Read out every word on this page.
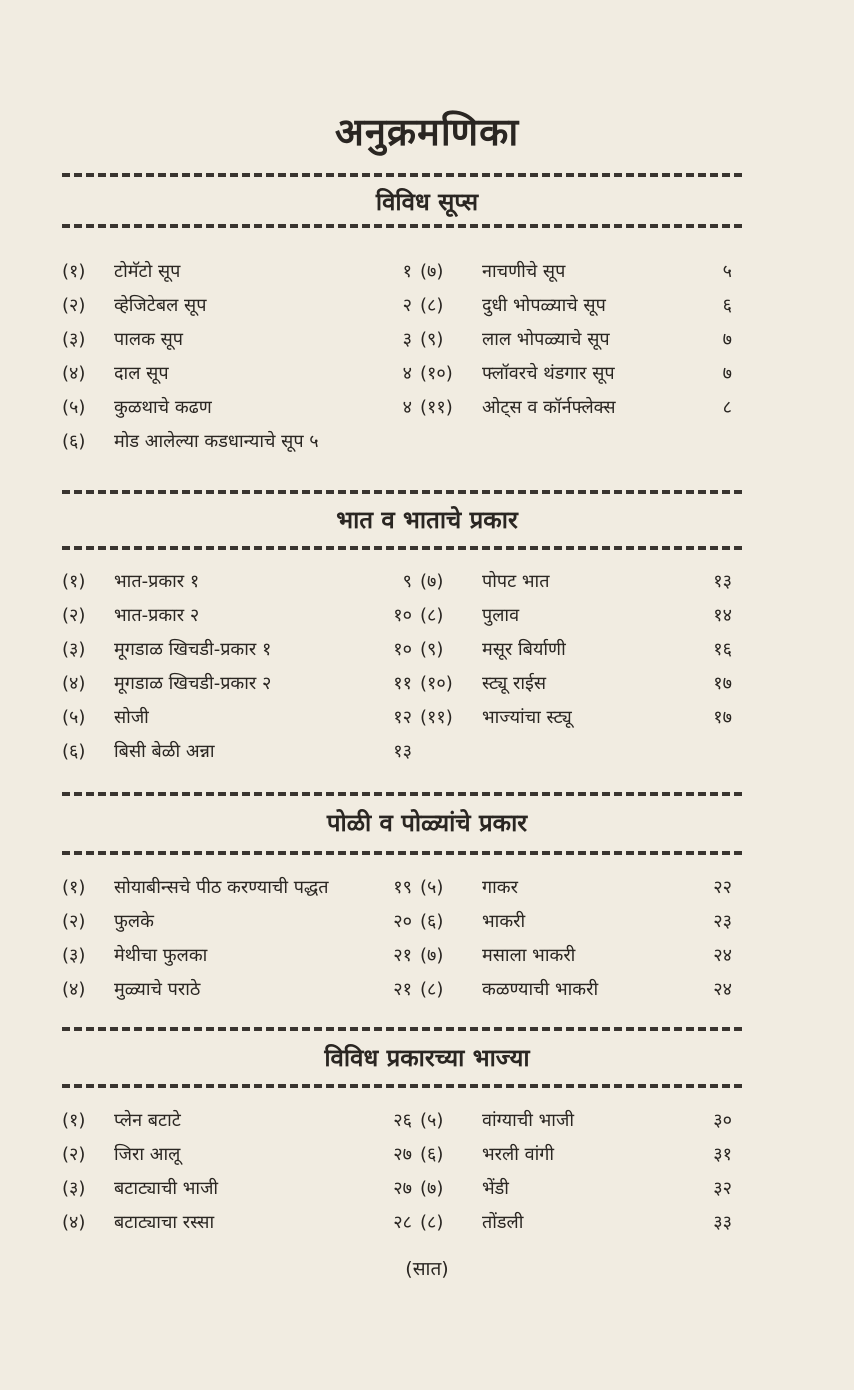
अनुक्रमणिका
विविध सूप्स
(१) टोमॅटो सूप	१ (७) नाचणीचे सूप	५
(२) व्हेजिटेबल सूप	२ (८) दुधी भोपळ्याचे सूप	६
(३) पालक सूप	३ (९) लाल भोपळ्याचे सूप	७
(४) दाल सूप	४ (१०) फ्लॉवरचे थंडगार सूप	७
(५) कुळथाचे कढण	४ (११) ओट्स व कॉर्नफ्लेक्स	८
(६) मोड आलेल्या कडधान्याचे सूप ५
भात व भाताचे प्रकार
(१) भात-प्रकार १	९ (७) पोपट भात	१३
(२) भात-प्रकार २	१० (८) पुलाव	१४
(३) मूगडाळ खिचडी-प्रकार १	१० (९) मसूर बिर्याणी	१६
(४) मूगडाळ खिचडी-प्रकार २	११ (१०) स्ट्यू राईस	१७
(५) सोजी	१२ (११) भाज्यांचा स्ट्यू	१७
(६) बिसी बेळी अन्ना	१३
पोळी व पोळ्यांचे प्रकार
(१) सोयाबीन्सचे पीठ करण्याची पद्धत	१९ (५) गाकर	२२
(२) फुलके	२० (६) भाकरी	२३
(३) मेथीचा फुलका	२१ (७) मसाला भाकरी	२४
(४) मुळ्याचे पराठे	२१ (८) कळण्याची भाकरी	२४
विविध प्रकारच्या भाज्या
(१) प्लेन बटाटे	२६ (५) वांग्याची भाजी	३०
(२) जिरा आलू	२७ (६) भरली वांगी	३१
(३) बटाट्याची भाजी	२७ (७) भेंडी	३२
(४) बटाट्याचा रस्सा	२८ (८) तोंडली	३३
(सात)
